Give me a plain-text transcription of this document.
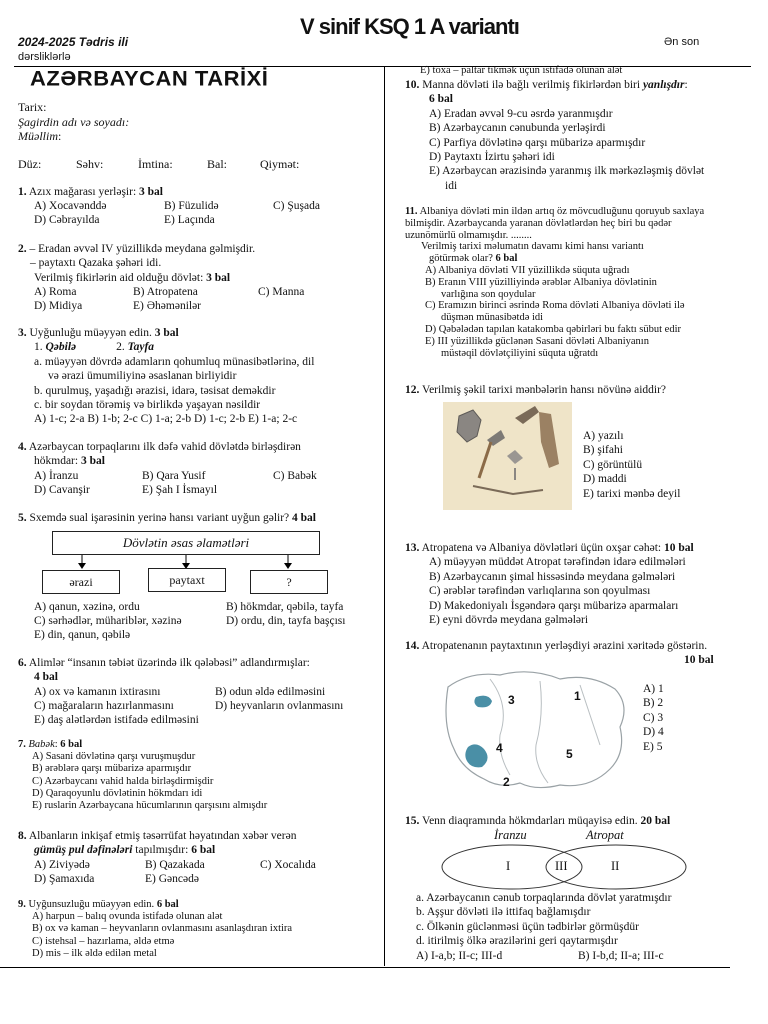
2024-2025 Tədris ili
dərsliklərlə
V sinif KSQ 1 A variantı
Ən son
AZƏRBAYCAN TARİXİ
Tarix:
Şagirdin adı və soyadı:
Müəllim:
Düz:	Səhv:	İmtina:	Bal:	Qiymət:
1. Azıx mağarası yerləşir: 3 bal
A) Xocavənddə	B) Füzulidə	C) Şuşada
D) Cəbrayılda	E) Laçında
2. – Eradan əvvəl IV yüzillikdə meydana gəlmişdir.
– paytaxtı Qazaka şəhəri idi.
Verilmiş fikirlərin aid olduğu dövlət: 3 bal
A) Roma	B) Atropatena	C) Manna
D) Midiya	E) Əhəmənilər
3. Uyğunluğu müəyyən edin. 3 bal
1. Qəbilə	2. Tayfa
a. müəyyən dövrdə adamların qohumluq münasibətlərinə, dil
və ərazi ümumiliyinə əsaslanan birliyidir
b. qurulmuş, yaşadığı ərazisi, idarə, təsisat deməkdir
c. bir soydan törəmiş və birlikdə yaşayan nəsildir
A) 1-c; 2-a B) 1-b; 2-c C) 1-a; 2-b D) 1-c; 2-b E) 1-a; 2-c
4. Azərbaycan torpaqlarını ilk dəfə vahid dövlətdə birləşdirən
hökmdar: 3 bal
A) İranzu	B) Qara Yusif	C) Babək
D) Cavanşir	E) Şah I İsmayıl
5. Sxemdə sual işarəsinin yerinə hansı variant uyğun gəlir? 4 bal
Dövlətin əsas əlamətləri
ərazi	paytaxt	?
A) qanun, xəzinə, ordu	B) hökmdar, qəbilə, tayfa
C) sərhədlər, mühariblər, xəzinə	D) ordu, din, tayfa başçısı
E) din, qanun, qəbilə
6. Alimlər “insanın təbiət üzərində ilk qələbəsi” adlandırmışlar:
4 bal
A) ox və kamanın ixtirasını	B) odun əldə edilməsini
C) mağaraların hazırlanmasını	D) heyvanların ovlanmasını
E) daş alətlərdən istifadə edilməsini
7. Babək: 6 bal
A) Sasani dövlətinə qarşı vuruşmuşdur
B) ərəblərə qarşı mübarizə aparmışdır
C) Azərbaycanı vahid halda birləşdirmişdir
D) Qaraqoyunlu dövlətinin hökmdarı idi
E) ruslarin Azərbaycana hücumlarının qarşısını almışdır
8. Albanların inkişaf etmiş təsərrüfat həyatından xəbər verən
gümüş pul dəfinələri tapılmışdır: 6 bal
A) Ziviyədə	B) Qazakada	C) Xocalıda
D) Şamaxıda	E) Gəncədə
9. Uyğunsuzluğu müəyyən edin. 6 bal
A) harpun – balıq ovunda istifadə olunan alət
B) ox və kaman – heyvanların ovlanmasını asanlaşdıran ixtira
C) istehsal – hazırlama, əldə etmə
D) mis – ilk əldə edilən metal
E) toxa – paltar tikmək üçün istifadə olunan alət
10. Manna dövləti ilə bağlı verilmiş fikirlərdən biri yanlışdır:
6 bal
A) Eradan əvvəl 9-cu əsrdə yaranmışdır
B) Azərbaycanın cənubunda yerləşirdi
C) Parfiya dövlətinə qarşı mübarizə aparmışdır
D) Paytaxtı İzirtu şəhəri idi
E) Azərbaycan ərazisində yaranmış ilk mərkəzləşmiş dövlət
idi
11. Albaniya dövləti min ildən artıq öz mövcudluğunu qoruyub saxlaya
bilmişdir. Azərbaycanda yaranan dövlətlərdən heç biri bu qədər
uzunömürlü olmamışdır. ........
Verilmiş tarixi məlumatın davamı kimi hansı variantı
götürmək olar? 6 bal
A) Albaniya dövləti VII yüzillikdə süquta uğradı
B) Eranın VIII yüzilliyində ərəblər Albaniya dövlətinin
varlığına son qoydular
C) Eramızın birinci əsrində Roma dövləti Albaniya dövləti ilə
düşmən münasibətdə idi
D) Qəbələdən tapılan katakomba qəbirləri bu faktı sübut edir
E) III yüzillikdə güclənən Sasani dövləti Albaniyanın
müstəqil dövlətçiliyini süquta uğratdı
12. Verilmiş şəkil tarixi mənbələrin hansı növünə aiddir?
A) yazılı
B) şifahi
C) görüntülü
D) maddi
E) tarixi mənbə deyil
13. Atropatena və Albaniya dövlətləri üçün oxşar cəhət: 10 bal
A) müəyyən müddət Atropat tərəfindən idarə edilmələri
B) Azərbaycanın şimal hissəsində meydana gəlmələri
C) ərəblər tərəfindən varlıqlarına son qoyulması
D) Makedoniyalı İsgəndərə qarşı mübarizə aparmaları
E) eyni dövrdə meydana gəlmələri
14. Atropatenanın paytaxtının yerləşdiyi ərazini xəritədə göstərin.
10 bal
1
3
4	5
2
A) 1
B) 2
C) 3
D) 4
E) 5
15. Venn diaqramında hökmdarları müqayisə edin. 20 bal
İranzu	Atropat
I	III	II
a. Azərbaycanın cənub torpaqlarında dövlət yaratmışdır
b. Aşşur dövləti ilə ittifaq bağlamışdır
c. Ölkənin güclənməsi üçün tədbirlər görmüşdür
d. itirilmiş ölkə ərazilərini geri qaytarmışdır
A) I-a,b; II-c; III-d	B) I-b,d; II-a; III-c
